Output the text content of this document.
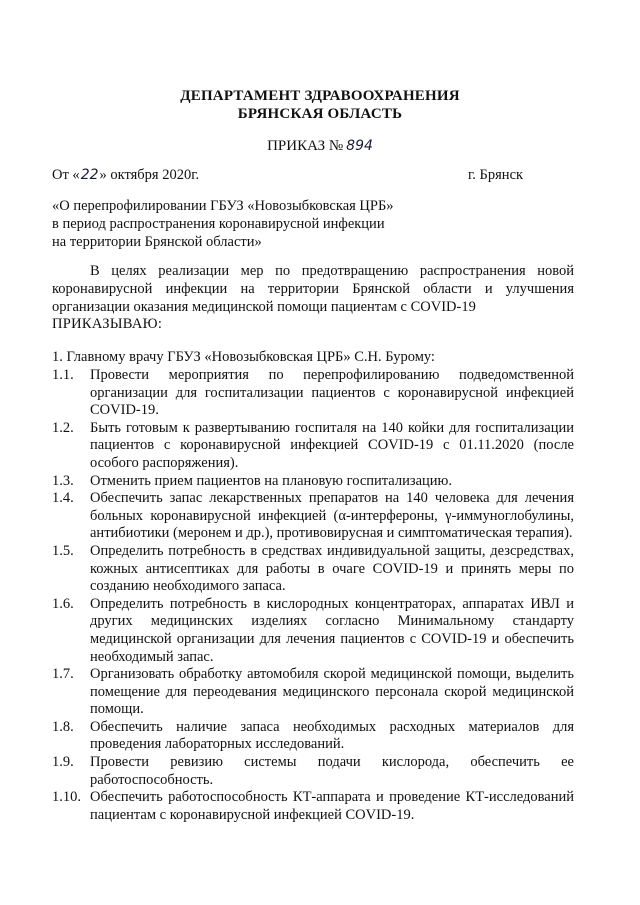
ДЕПАРТАМЕНТ ЗДРАВООХРАНЕНИЯ
БРЯНСКАЯ ОБЛАСТЬ
ПРИКАЗ № 894
От «22» октября 2020г.	г. Брянск
«О перепрофилировании ГБУЗ «Новозыбковская ЦРБ»
в период распространения коронавирусной инфекции
на территории Брянской области»
В целях реализации мер по предотвращению распространения новой коронавирусной инфекции на территории Брянской области и улучшения организации оказания медицинской помощи пациентам с COVID-19
ПРИКАЗЫВАЮ:
1. Главному врачу ГБУЗ «Новозыбковская ЦРБ» С.Н. Бурому:
1.1.	Провести мероприятия по перепрофилированию подведомственной организации для госпитализации пациентов с коронавирусной инфекцией COVID-19.
1.2.	Быть готовым к развертыванию госпиталя на 140 койки для госпитализации пациентов с коронавирусной инфекцией COVID-19 с 01.11.2020 (после особого распоряжения).
1.3.	Отменить прием пациентов на плановую госпитализацию.
1.4.	Обеспечить запас лекарственных препаратов на 140 человека для лечения больных коронавирусной инфекцией (α-интерфероны, γ-иммуноглобулины, антибиотики (меронем и др.), противовирусная и симптоматическая терапия).
1.5.	Определить потребность в средствах индивидуальной защиты, дезсредствах, кожных антисептиках для работы в очаге COVID-19 и принять меры по созданию необходимого запаса.
1.6.	Определить потребность в кислородных концентраторах, аппаратах ИВЛ и других медицинских изделиях согласно Минимальному стандарту медицинской организации для лечения пациентов с COVID-19 и обеспечить необходимый запас.
1.7.	Организовать обработку автомобиля скорой медицинской помощи, выделить помещение для переодевания медицинского персонала скорой медицинской помощи.
1.8.	Обеспечить наличие запаса необходимых расходных материалов для проведения лабораторных исследований.
1.9.	Провести ревизию системы подачи кислорода, обеспечить ее работоспособность.
1.10. Обеспечить работоспособность КТ-аппарата и проведение КТ-исследований пациентам с коронавирусной инфекцией COVID-19.
